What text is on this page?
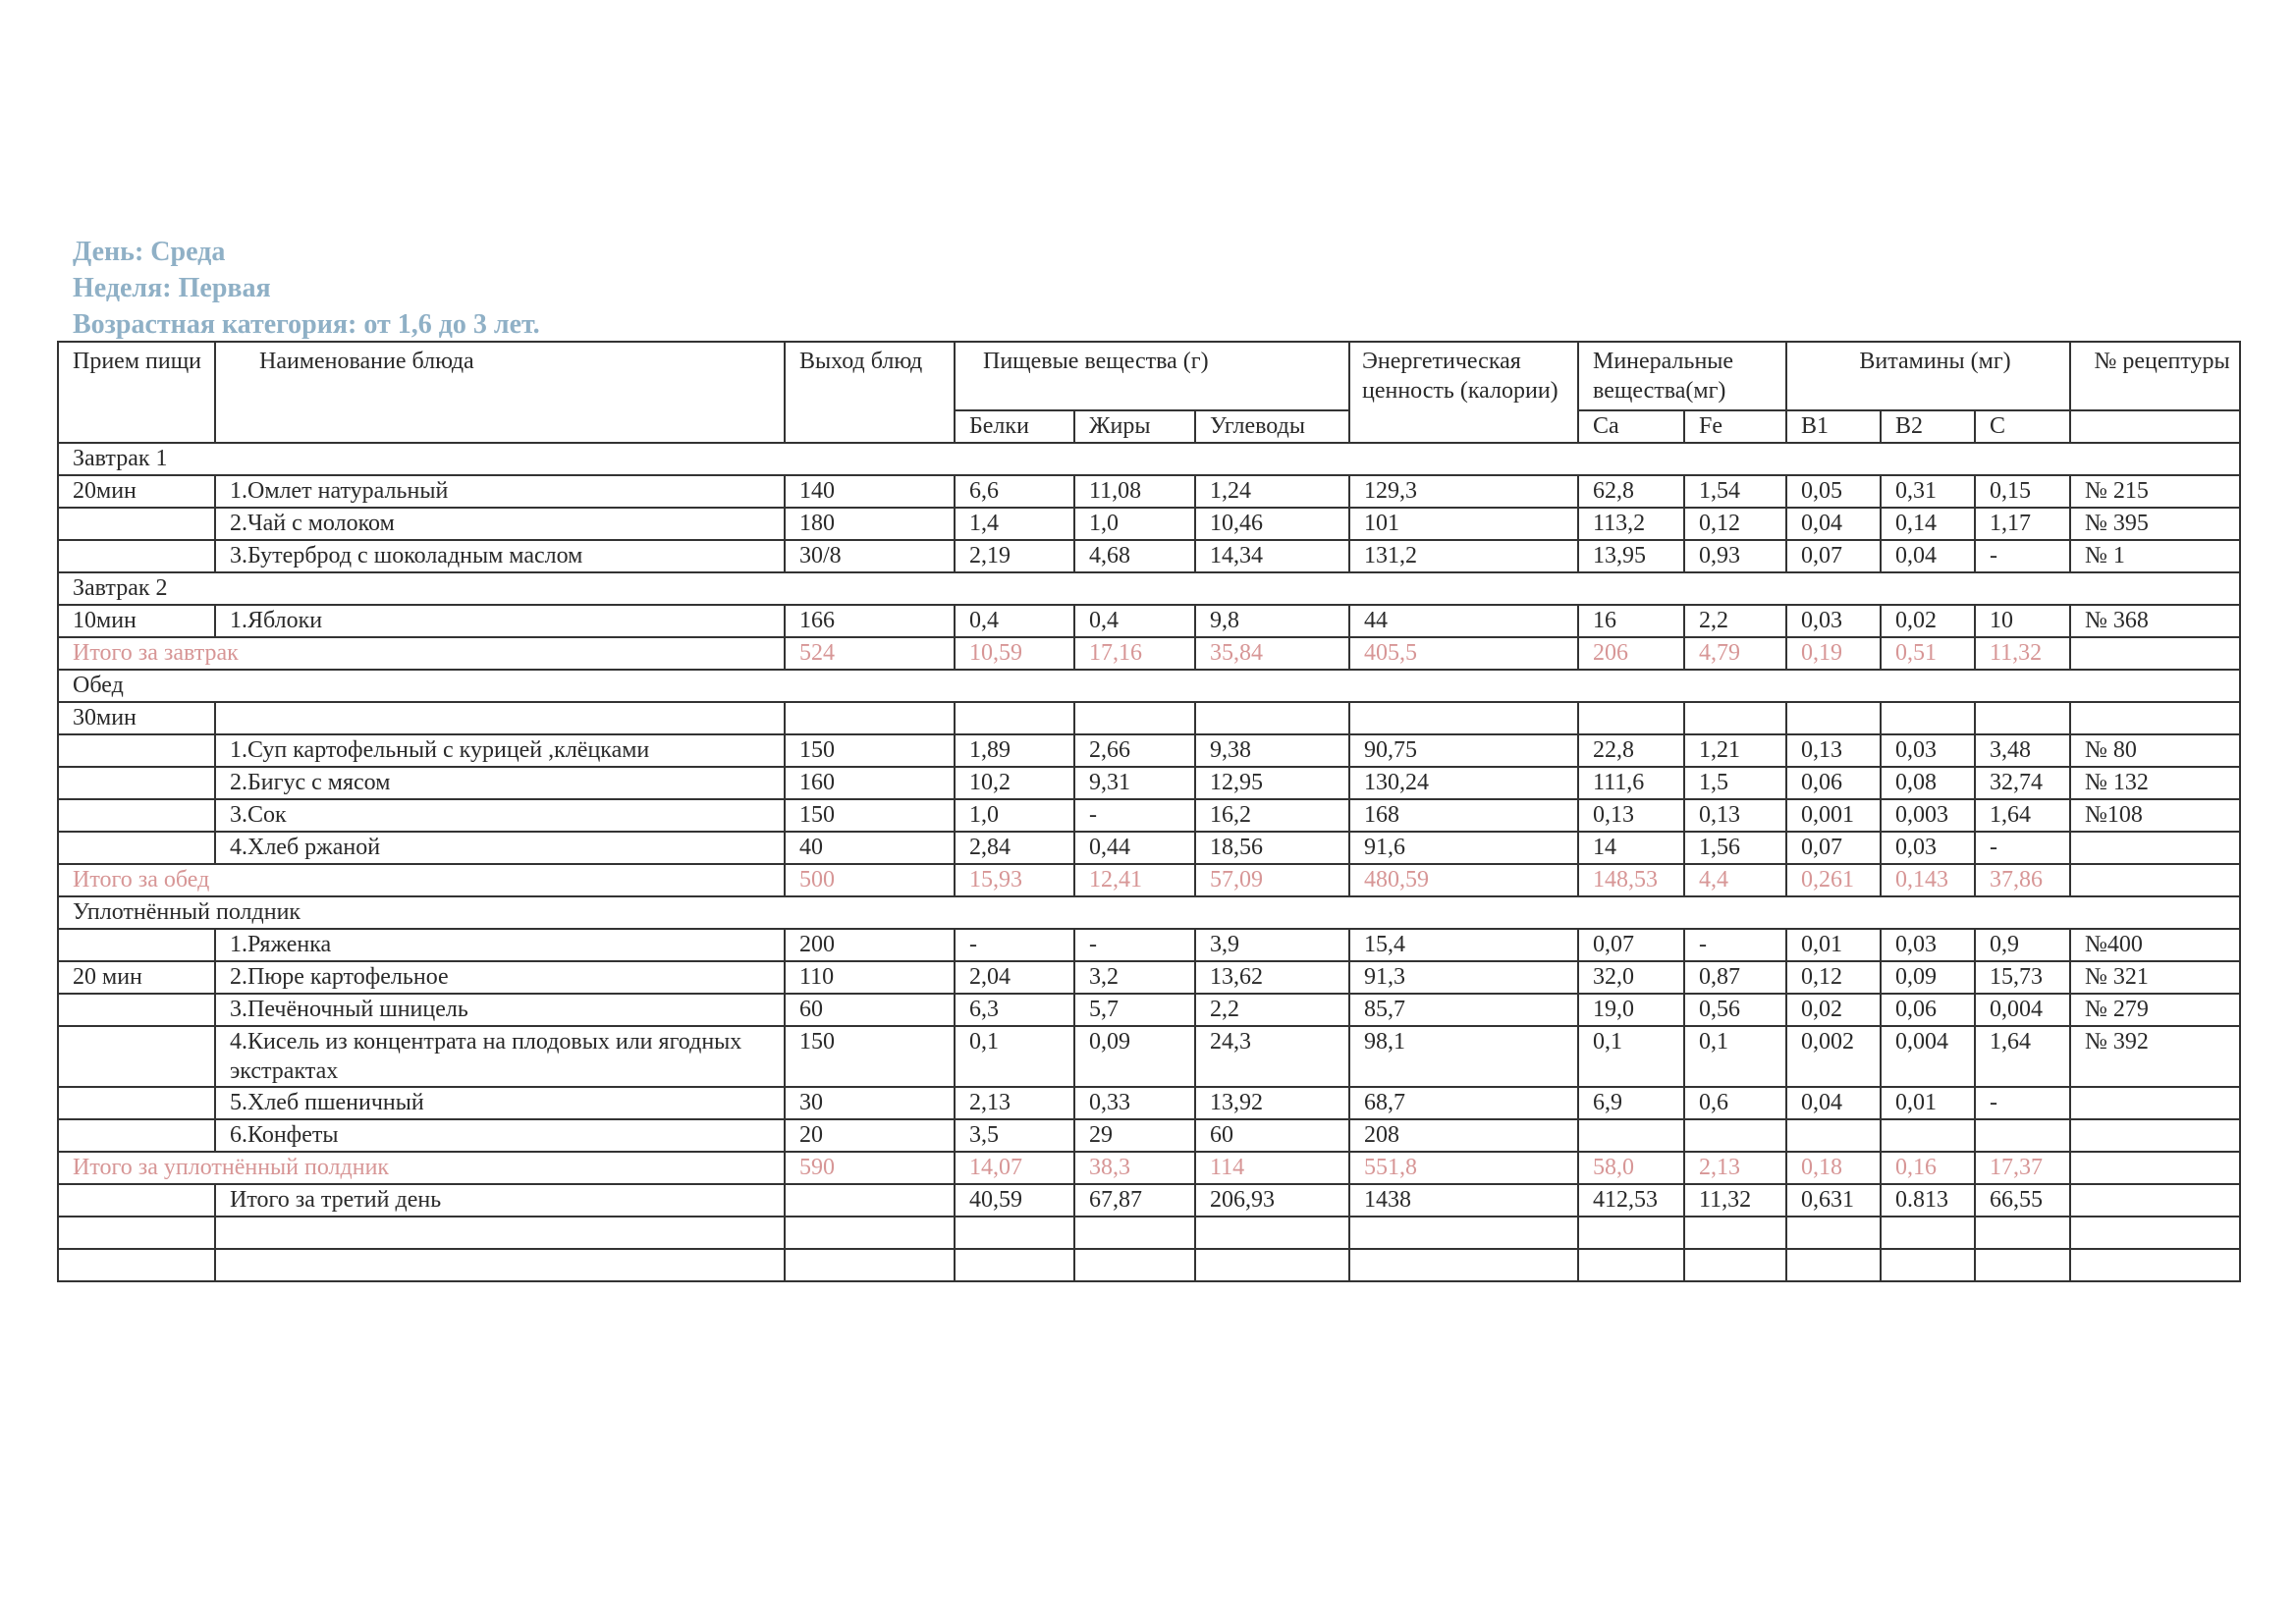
День: Среда
Неделя: Первая
Возрастная категория: от 1,6 до 3 лет.
Прием пищи	Наименование блюда	Выход блюд	Пищевые вещества (г)			Энергетическая ценность (калории)	Минеральные вещества(мг)		Витамины (мг)			№ рецептуры
			Белки	Жиры	Углеводы		Ca	Fe	B1	B2	C	
Завтрак 1												
20мин	1.Омлет натуральный	140	6,6	11,08	1,24	129,3	62,8	1,54	0,05	0,31	0,15	№ 215
	2.Чай с молоком	180	1,4	1,0	10,46	101	113,2	0,12	0,04	0,14	1,17	№ 395
	3.Бутерброд с шоколадным маслом	30/8	2,19	4,68	14,34	131,2	13,95	0,93	0,07	0,04	-	№ 1
Завтрак 2												
10мин	1.Яблоки	166	0,4	0,4	9,8	44	16	2,2	0,03	0,02	10	№ 368
Итого за завтрак		524	10,59	17,16	35,84	405,5	206	4,79	0,19	0,51	11,32	
Обед												
30мин												
	1.Суп картофельный с курицей ,клёцками	150	1,89	2,66	9,38	90,75	22,8	1,21	0,13	0,03	3,48	№ 80
	2.Бигус с мясом	160	10,2	9,31	12,95	130,24	111,6	1,5	0,06	0,08	32,74	№ 132
	3.Сок	150	1,0	-	16,2	168	0,13	0,13	0,001	0,003	1,64	№108
	4.Хлеб ржаной	40	2,84	0,44	18,56	91,6	14	1,56	0,07	0,03	-	
Итого за обед		500	15,93	12,41	57,09	480,59	148,53	4,4	0,261	0,143	37,86	
Уплотнённый полдник												
	1.Ряженка	200	-	-	3,9	15,4	0,07	-	0,01	0,03	0,9	№400
20 мин	2.Пюре картофельное	110	2,04	3,2	13,62	91,3	32,0	0,87	0,12	0,09	15,73	№ 321
	3.Печёночный шницель	60	6,3	5,7	2,2	85,7	19,0	0,56	0,02	0,06	0,004	№ 279
	4.Кисель из концентрата на плодовых или ягодных экстрактах	150	0,1	0,09	24,3	98,1	0,1	0,1	0,002	0,004	1,64	№ 392
	5.Хлеб пшеничный	30	2,13	0,33	13,92	68,7	6,9	0,6	0,04	0,01	-	
	6.Конфеты	20	3,5	29	60	208						
Итого за уплотнённый полдник		590	14,07	38,3	114	551,8	58,0	2,13	0,18	0,16	17,37	
	Итого за третий день		40,59	67,87	206,93	1438	412,53	11,32	0,631	0.813	66,55	
